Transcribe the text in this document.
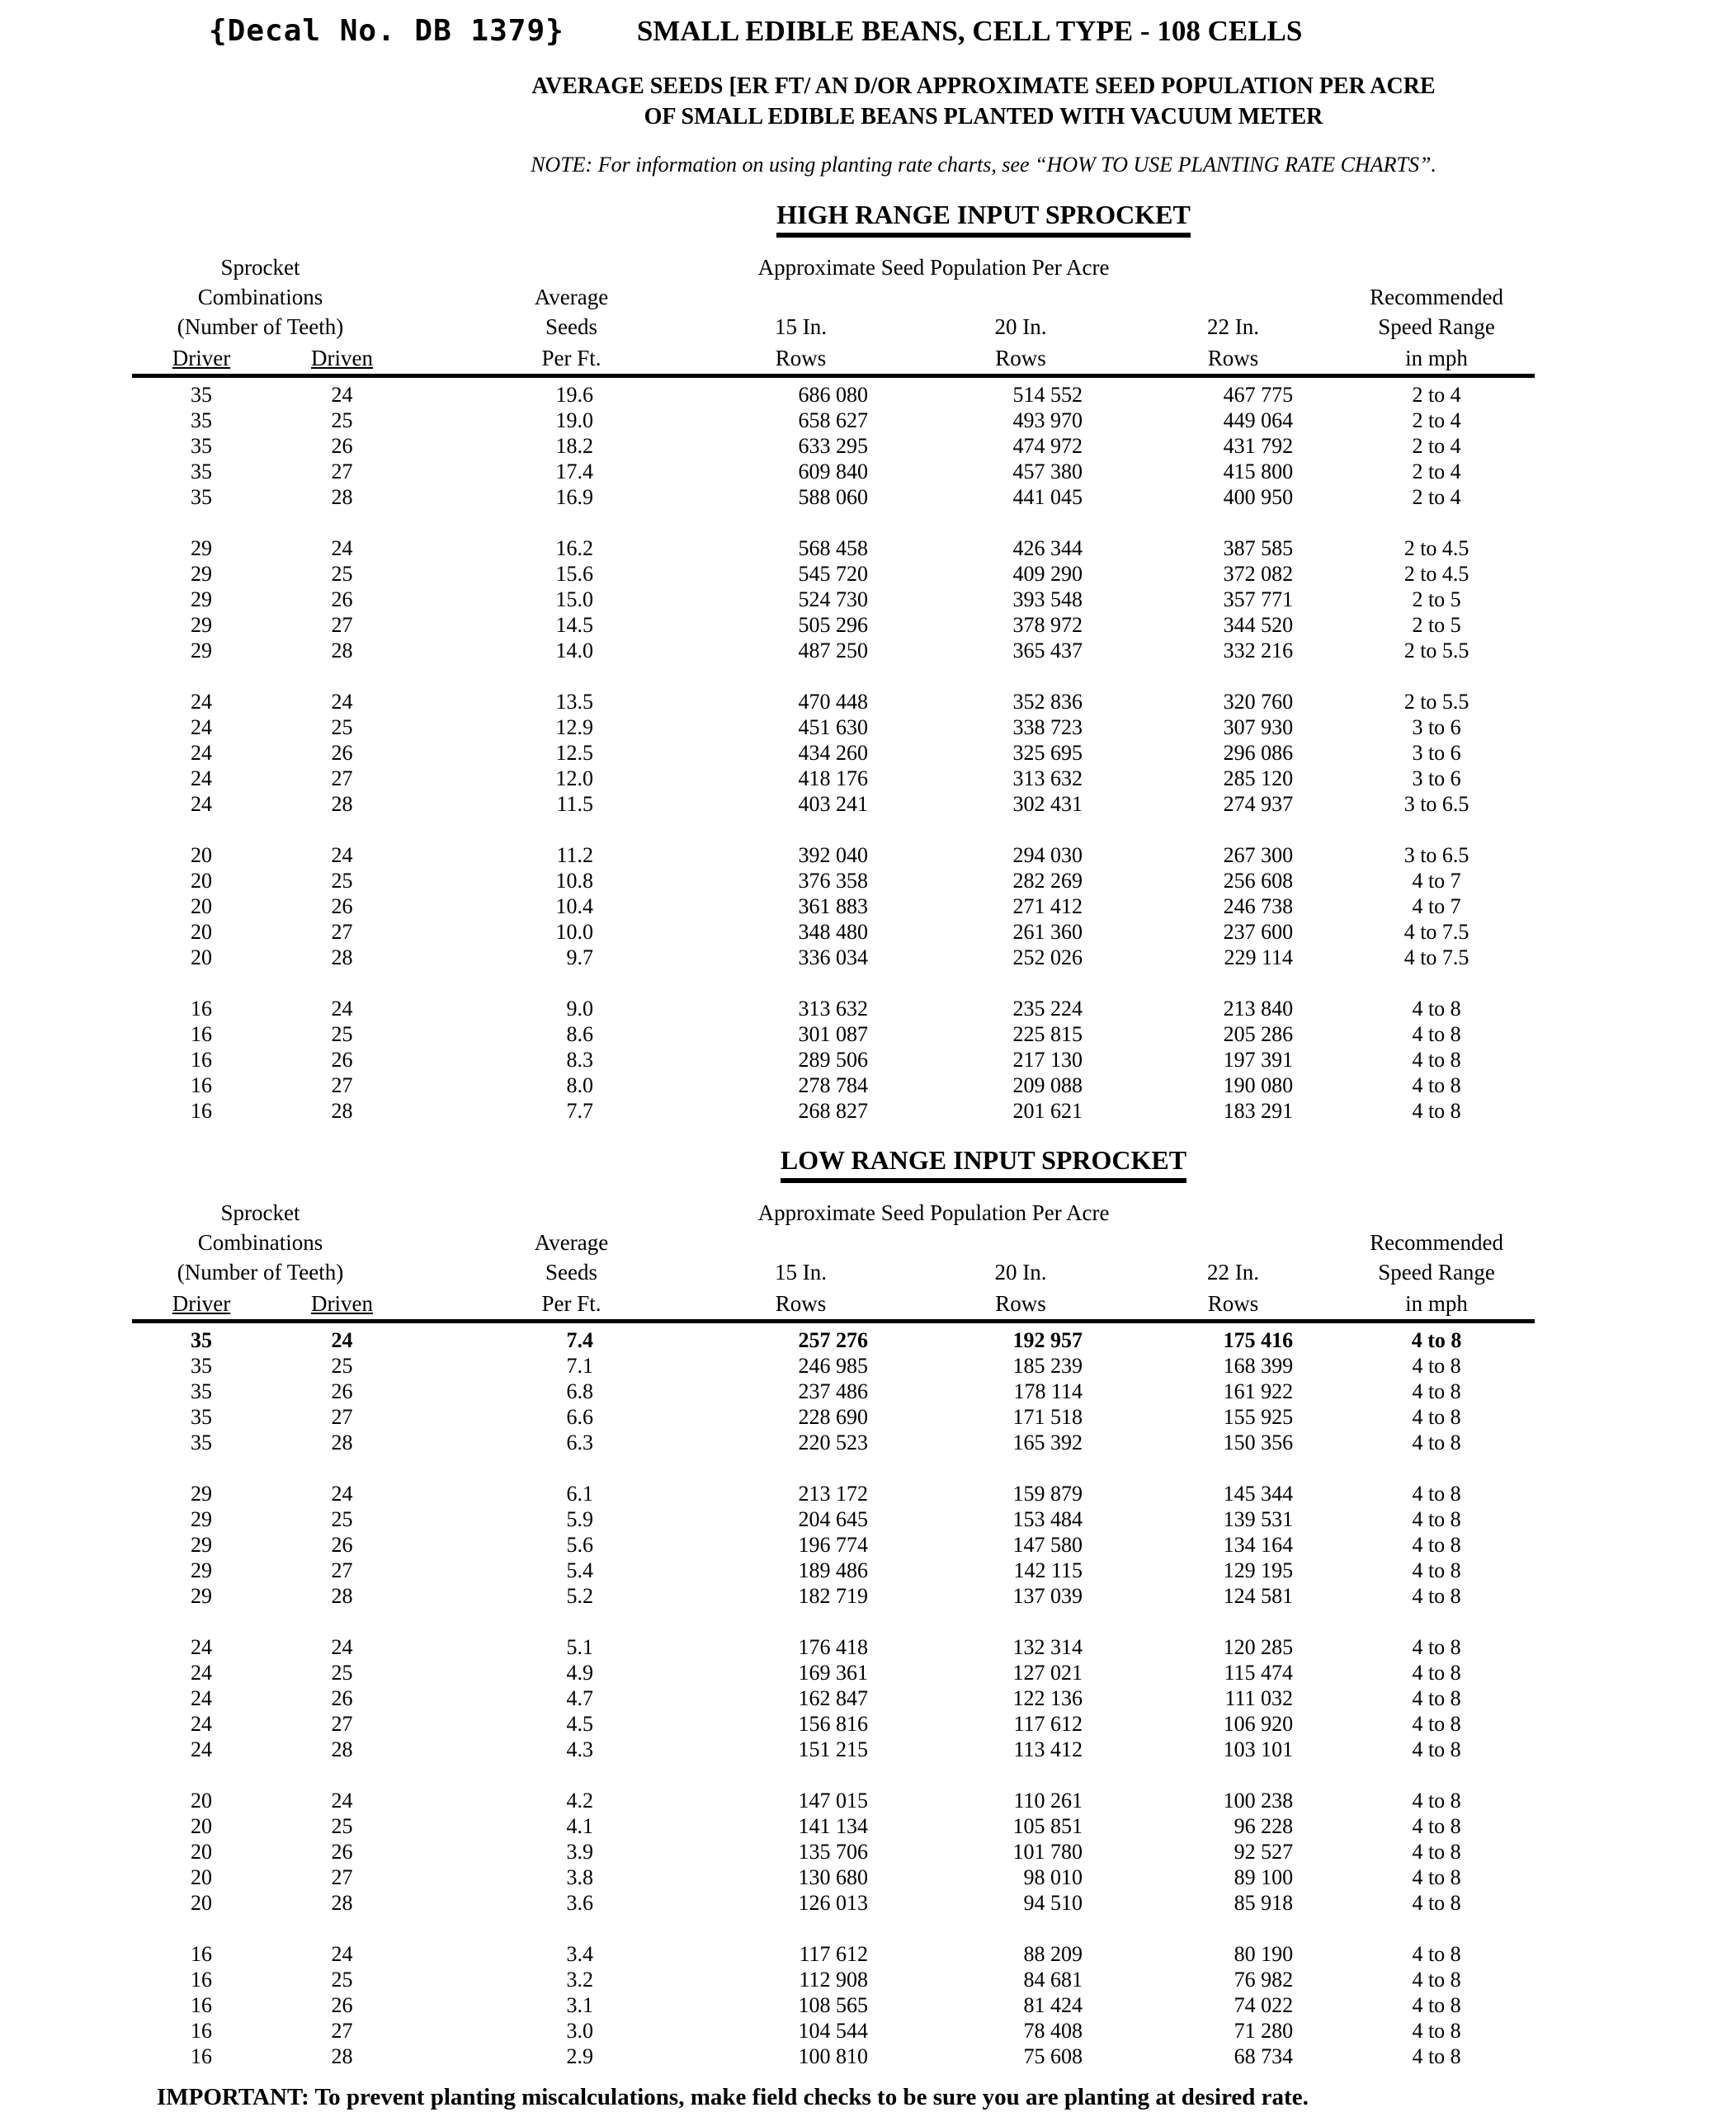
{Decal No. DB 1379}	SMALL EDIBLE BEANS, CELL TYPE - 108 CELLS
AVERAGE SEEDS [ER FT/ AN D/OR APPROXIMATE SEED POPULATION PER ACRE
OF SMALL EDIBLE BEANS PLANTED WITH VACUUM METER
NOTE: For information on using planting rate charts, see “HOW TO USE PLANTING RATE CHARTS”.
HIGH RANGE INPUT SPROCKET
Sprocket		Approximate Seed Population Per Acre				
Combinations		Average				Recommended
(Number of Teeth)		Seeds	15 In.	20 In.	22 In.	Speed Range
Driver	Driven	Per Ft.	Rows	Rows	Rows	in mph
35	24	19.6	686 080	514 552	467 775	2 to 4
35	25	19.0	658 627	493 970	449 064	2 to 4
35	26	18.2	633 295	474 972	431 792	2 to 4
35	27	17.4	609 840	457 380	415 800	2 to 4
35	28	16.9	588 060	441 045	400 950	2 to 4

29	24	16.2	568 458	426 344	387 585	2 to 4.5
29	25	15.6	545 720	409 290	372 082	2 to 4.5
29	26	15.0	524 730	393 548	357 771	2 to 5
29	27	14.5	505 296	378 972	344 520	2 to 5
29	28	14.0	487 250	365 437	332 216	2 to 5.5

24	24	13.5	470 448	352 836	320 760	2 to 5.5
24	25	12.9	451 630	338 723	307 930	3 to 6
24	26	12.5	434 260	325 695	296 086	3 to 6
24	27	12.0	418 176	313 632	285 120	3 to 6
24	28	11.5	403 241	302 431	274 937	3 to 6.5

20	24	11.2	392 040	294 030	267 300	3 to 6.5
20	25	10.8	376 358	282 269	256 608	4 to 7
20	26	10.4	361 883	271 412	246 738	4 to 7
20	27	10.0	348 480	261 360	237 600	4 to 7.5
20	28	9.7	336 034	252 026	229 114	4 to 7.5

16	24	9.0	313 632	235 224	213 840	4 to 8
16	25	8.6	301 087	225 815	205 286	4 to 8
16	26	8.3	289 506	217 130	197 391	4 to 8
16	27	8.0	278 784	209 088	190 080	4 to 8
16	28	7.7	268 827	201 621	183 291	4 to 8
LOW RANGE INPUT SPROCKET
Sprocket		Approximate Seed Population Per Acre				
Combinations		Average				Recommended
(Number of Teeth)		Seeds	15 In.	20 In.	22 In.	Speed Range
Driver	Driven	Per Ft.	Rows	Rows	Rows	in mph
35	24	7.4	257 276	192 957	175 416	4 to 8
35	25	7.1	246 985	185 239	168 399	4 to 8
35	26	6.8	237 486	178 114	161 922	4 to 8
35	27	6.6	228 690	171 518	155 925	4 to 8
35	28	6.3	220 523	165 392	150 356	4 to 8

29	24	6.1	213 172	159 879	145 344	4 to 8
29	25	5.9	204 645	153 484	139 531	4 to 8
29	26	5.6	196 774	147 580	134 164	4 to 8
29	27	5.4	189 486	142 115	129 195	4 to 8
29	28	5.2	182 719	137 039	124 581	4 to 8

24	24	5.1	176 418	132 314	120 285	4 to 8
24	25	4.9	169 361	127 021	115 474	4 to 8
24	26	4.7	162 847	122 136	111 032	4 to 8
24	27	4.5	156 816	117 612	106 920	4 to 8
24	28	4.3	151 215	113 412	103 101	4 to 8

20	24	4.2	147 015	110 261	100 238	4 to 8
20	25	4.1	141 134	105 851	96 228	4 to 8
20	26	3.9	135 706	101 780	92 527	4 to 8
20	27	3.8	130 680	98 010	89 100	4 to 8
20	28	3.6	126 013	94 510	85 918	4 to 8

16	24	3.4	117 612	88 209	80 190	4 to 8
16	25	3.2	112 908	84 681	76 982	4 to 8
16	26	3.1	108 565	81 424	74 022	4 to 8
16	27	3.0	104 544	78 408	71 280	4 to 8
16	28	2.9	100 810	75 608	68 734	4 to 8
IMPORTANT: To prevent planting miscalculations, make field checks to be sure you are planting at desired rate.
